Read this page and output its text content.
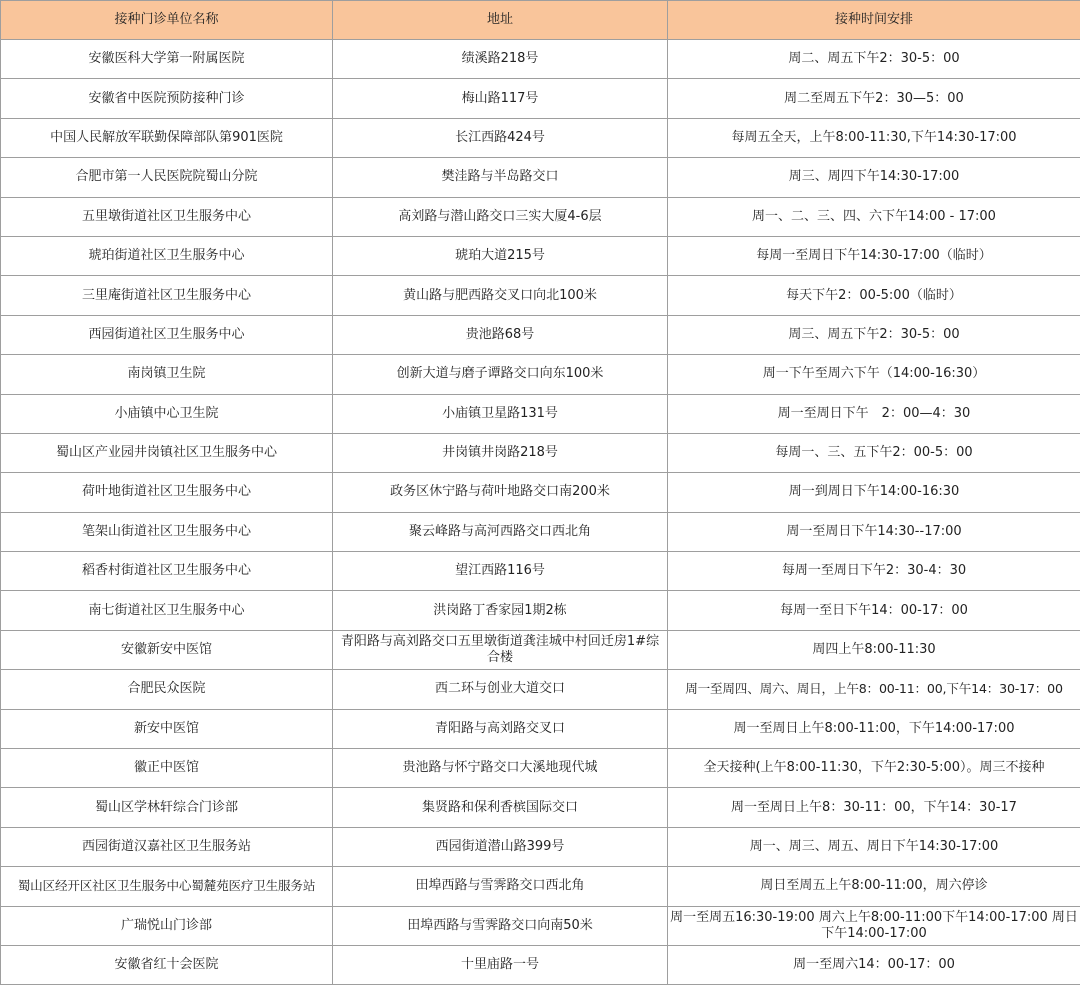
接种门诊单位名称	地址	接种时间安排
安徽医科大学第一附属医院	绩溪路218号	周二、周五下午2：30-5：00
安徽省中医院预防接种门诊	梅山路117号	周二至周五下午2：30—5：00
中国人民解放军联勤保障部队第901医院	长江西路424号	每周五全天，上午8:00-11:30,下午14:30-17:00
合肥市第一人民医院院蜀山分院	樊洼路与半岛路交口	周三、周四下午14:30-17:00
五里墩街道社区卫生服务中心	高刘路与潜山路交口三实大厦4-6层	周一、二、三、四、六下午14:00 - 17:00
琥珀街道社区卫生服务中心	琥珀大道215号	每周一至周日下午14:30-17:00（临时）
三里庵街道社区卫生服务中心	黄山路与肥西路交叉口向北100米	每天下午2：00-5:00（临时）
西园街道社区卫生服务中心	贵池路68号	周三、周五下午2：30-5：00
南岗镇卫生院	创新大道与磨子谭路交口向东100米	周一下午至周六下午（14:00-16:30）
小庙镇中心卫生院	小庙镇卫星路131号	周一至周日下午　2：00—4：30
蜀山区产业园井岗镇社区卫生服务中心	井岗镇井岗路218号	每周一、三、五下午2：00-5：00
荷叶地街道社区卫生服务中心	政务区休宁路与荷叶地路交口南200米	周一到周日下午14:00-16:30
笔架山街道社区卫生服务中心	聚云峰路与高河西路交口西北角	周一至周日下午14:30--17:00
稻香村街道社区卫生服务中心	望江西路116号	每周一至周日下午2：30-4：30
南七街道社区卫生服务中心	洪岗路丁香家园1期2栋	每周一至日下午14：00-17：00
安徽新安中医馆	青阳路与高刘路交口五里墩街道龚洼城中村回迁房1#综合楼	周四上午8:00-11:30
合肥民众医院	西二环与创业大道交口	周一至周四、周六、周日，上午8：00-11：00,下午14：30-17：00
新安中医馆	青阳路与高刘路交叉口	周一至周日上午8:00-11:00，下午14:00-17:00
徽正中医馆	贵池路与怀宁路交口大溪地现代城	全天接种(上午8:00-11:30，下午2:30-5:00）。周三不接种
蜀山区学林轩综合门诊部	集贤路和保利香槟国际交口	周一至周日上午8：30-11：00，下午14：30-17
西园街道汉嘉社区卫生服务站	西园街道潜山路399号	周一、周三、周五、周日下午14:30-17:00
蜀山区经开区社区卫生服务中心蜀麓苑医疗卫生服务站	田埠西路与雪霁路交口西北角	周日至周五上午8:00-11:00，周六停诊
广瑞悦山门诊部	田埠西路与雪霁路交口向南50米	周一至周五16:30-19:00 周六上午8:00-11:00下午14:00-17:00 周日下午14:00-17:00
安徽省红十会医院	十里庙路一号	周一至周六14：00-17：00
